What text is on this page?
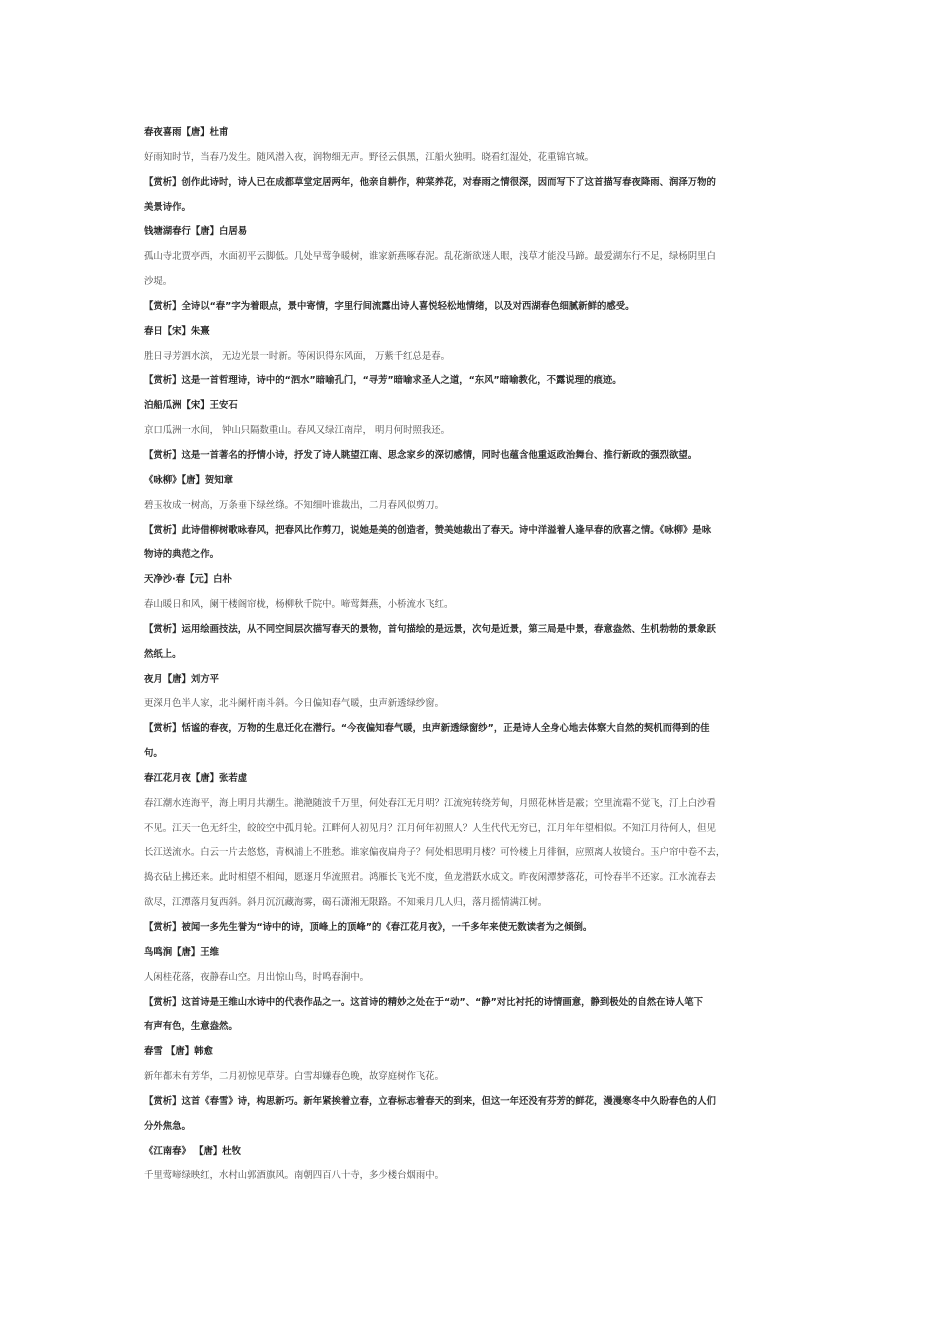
春夜喜雨【唐】杜甫
好雨知时节，当春乃发生。随风潜入夜，润物细无声。野径云俱黑，江船火独明。晓看红湿处，花重锦官城。
【赏析】创作此诗时，诗人已在成都草堂定居两年，他亲自耕作，种菜养花，对春雨之情很深，因而写下了这首描写春夜降雨、润泽万物的
美景诗作。
钱塘湖春行【唐】白居易
孤山寺北贾亭西，水面初平云脚低。几处早莺争暖树，谁家新燕啄春泥。乱花渐欲迷人眼，浅草才能没马蹄。最爱湖东行不足，绿杨阴里白
沙堤。
【赏析】全诗以“春”字为着眼点，景中寄情，字里行间流露出诗人喜悦轻松地情绪，以及对西湖春色细腻新鲜的感受。
春日【宋】朱熹
胜日寻芳泗水滨， 无边光景一时新。等闲识得东风面， 万紫千红总是春。
【赏析】这是一首哲理诗，诗中的“泗水”暗喻孔门，“寻芳”暗喻求圣人之道，“东风”暗喻教化，不露说理的痕迹。
泊船瓜洲【宋】王安石
京口瓜洲一水间， 钟山只隔数重山。春风又绿江南岸， 明月何时照我还。
【赏析】这是一首著名的抒情小诗，抒发了诗人眺望江南、思念家乡的深切感情，同时也蕴含他重返政治舞台、推行新政的强烈欲望。
《咏柳》【唐】贺知章
碧玉妆成一树高，万条垂下绿丝绦。不知细叶谁裁出，二月春风似剪刀。
【赏析】此诗借柳树歌咏春风，把春风比作剪刀，说她是美的创造者，赞美她裁出了春天。诗中洋溢着人逢早春的欣喜之情。《咏柳》是咏
物诗的典范之作。
天净沙·春【元】白朴
春山暖日和风，阑干楼阁帘栊，杨柳秋千院中。啼莺舞燕，小桥流水飞红。
【赏析】运用绘画技法，从不同空间层次描写春天的景物，首句描绘的是远景，次句是近景，第三局是中景，春意盎然、生机勃勃的景象跃
然纸上。
夜月【唐】刘方平
更深月色半人家，北斗阑杆南斗斜。今日偏知春气暖，虫声新透绿纱窗。
【赏析】恬谧的春夜，万物的生息迁化在潜行。“今夜偏知春气暖，虫声新透绿窗纱”，正是诗人全身心地去体察大自然的契机而得到的佳
句。
春江花月夜【唐】张若虚
春江潮水连海平，海上明月共潮生。滟滟随波千万里，何处春江无月明？江流宛转绕芳甸，月照花林皆是霰；空里流霜不觉飞，汀上白沙看
不见。江天一色无纤尘，皎皎空中孤月轮。江畔何人初见月？江月何年初照人？人生代代无穷已，江月年年望相似。不知江月待何人，但见
长江送流水。白云一片去悠悠，青枫浦上不胜愁。谁家偏夜扁舟子？何处相思明月楼？可怜楼上月徘徊，应照离人妆镜台。玉户帘中卷不去，
捣衣砧上拂还来。此时相望不相闻，愿逐月华流照君。鸿雁长飞光不度，鱼龙潜跃水成文。昨夜闲潭梦落花，可怜春半不还家。江水流春去
欲尽，江潭落月复西斜。斜月沉沉藏海雾，碣石潇湘无限路。不知乘月几人归，落月摇情满江树。
【赏析】被闻一多先生誉为“诗中的诗，顶峰上的顶峰”的《春江花月夜》，一千多年来使无数读者为之倾倒。
鸟鸣涧【唐】王维
人闲桂花落，夜静春山空。月出惊山鸟，时鸣春涧中。
【赏析】这首诗是王维山水诗中的代表作品之一。这首诗的精妙之处在于“动”、“静”对比衬托的诗情画意，静到极处的自然在诗人笔下
有声有色，生意盎然。
春雪 【唐】韩愈
新年都未有芳华，二月初惊见草芽。白雪却嫌春色晚，故穿庭树作飞花。
【赏析】这首《春雪》诗，构思新巧。新年紧挨着立春，立春标志着春天的到来，但这一年还没有芬芳的鲜花，漫漫寒冬中久盼春色的人们
分外焦急。
《江南春》 【唐】杜牧
千里莺啼绿映红，水村山郭酒旗风。南朝四百八十寺，多少楼台烟雨中。
